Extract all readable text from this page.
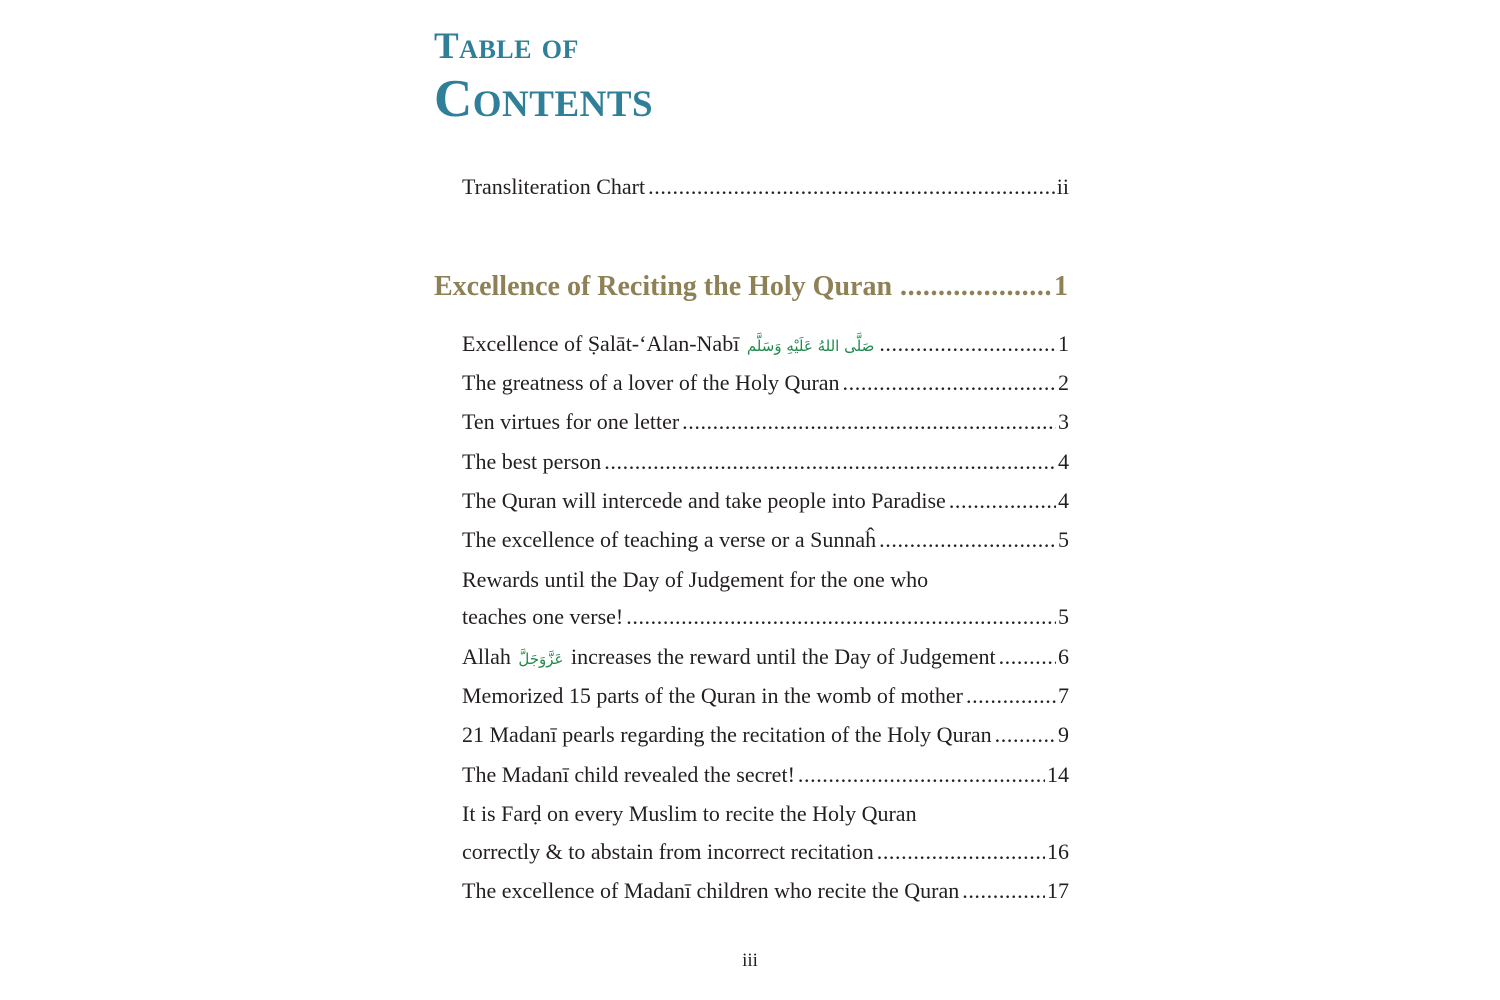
Table of
Contents
Transliteration Chart .....	ii
Excellence of Reciting the Holy Quran .....	1
Excellence of Ṣalāt-‘Alan-Nabī صَلَّى اللهُ عَلَيْهِ وَسَلَّم .....	1
The greatness of a lover of the Holy Quran .....	2
Ten virtues for one letter .....	3
The best person .....	4
The Quran will intercede and take people into Paradise .....	4
The excellence of teaching a verse or a Sunnaĥ .....	5
Rewards until the Day of Judgement for the one who
teaches one verse! .....	5
Allah عَزَّوَجَلَّ increases the reward until the Day of Judgement .....	6
Memorized 15 parts of the Quran in the womb of mother .....	7
21 Madanī pearls regarding the recitation of the Holy Quran .....	9
The Madanī child revealed the secret! .....	14
It is Farḍ on every Muslim to recite the Holy Quran
correctly & to abstain from incorrect recitation .....	16
The excellence of Madanī children who recite the Quran .....	17
iii
